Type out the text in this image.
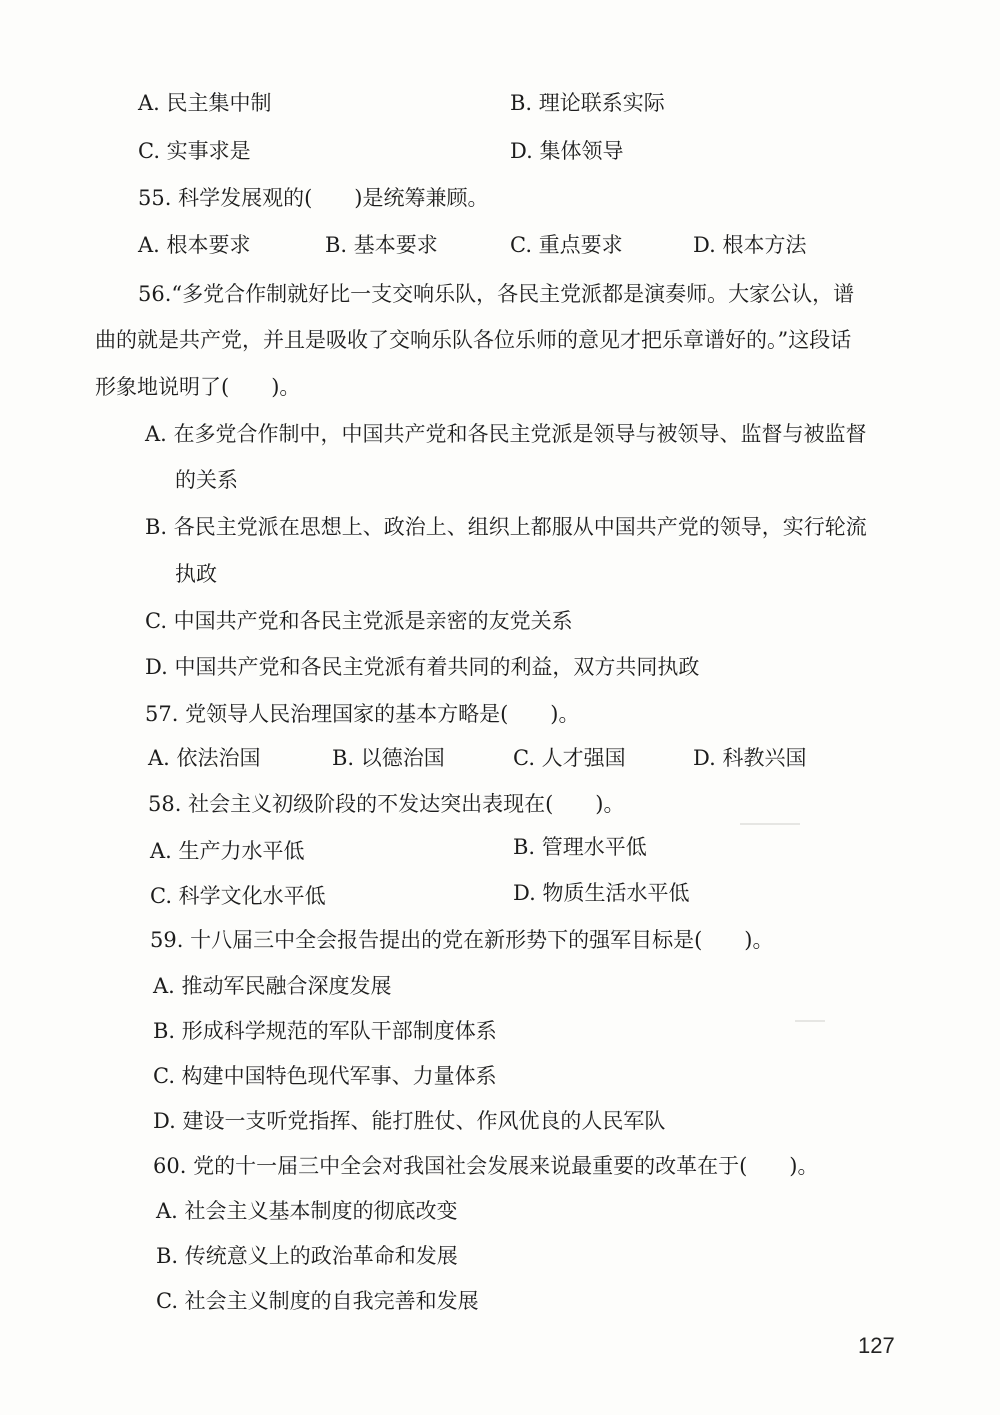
A. 民主集中制	B. 理论联系实际
C. 实事求是	D. 集体领导
55. 科学发展观的(　　)是统筹兼顾。
A. 根本要求	B. 基本要求	C. 重点要求	D. 根本方法
56.“多党合作制就好比一支交响乐队，各民主党派都是演奏师。大家公认，谱
曲的就是共产党，并且是吸收了交响乐队各位乐师的意见才把乐章谱好的。”这段话
形象地说明了(　　)。
A. 在多党合作制中，中国共产党和各民主党派是领导与被领导、监督与被监督
的关系
B. 各民主党派在思想上、政治上、组织上都服从中国共产党的领导，实行轮流
执政
C. 中国共产党和各民主党派是亲密的友党关系
D. 中国共产党和各民主党派有着共同的利益，双方共同执政
57. 党领导人民治理国家的基本方略是(　　)。
A. 依法治国	B. 以德治国	C. 人才强国	D. 科教兴国
58. 社会主义初级阶段的不发达突出表现在(　　)。
A. 生产力水平低	B. 管理水平低
C. 科学文化水平低	D. 物质生活水平低
59. 十八届三中全会报告提出的党在新形势下的强军目标是(　　)。
A. 推动军民融合深度发展
B. 形成科学规范的军队干部制度体系
C. 构建中国特色现代军事、力量体系
D. 建设一支听党指挥、能打胜仗、作风优良的人民军队
60. 党的十一届三中全会对我国社会发展来说最重要的改革在于(　　)。
A. 社会主义基本制度的彻底改变
B. 传统意义上的政治革命和发展
C. 社会主义制度的自我完善和发展
127
